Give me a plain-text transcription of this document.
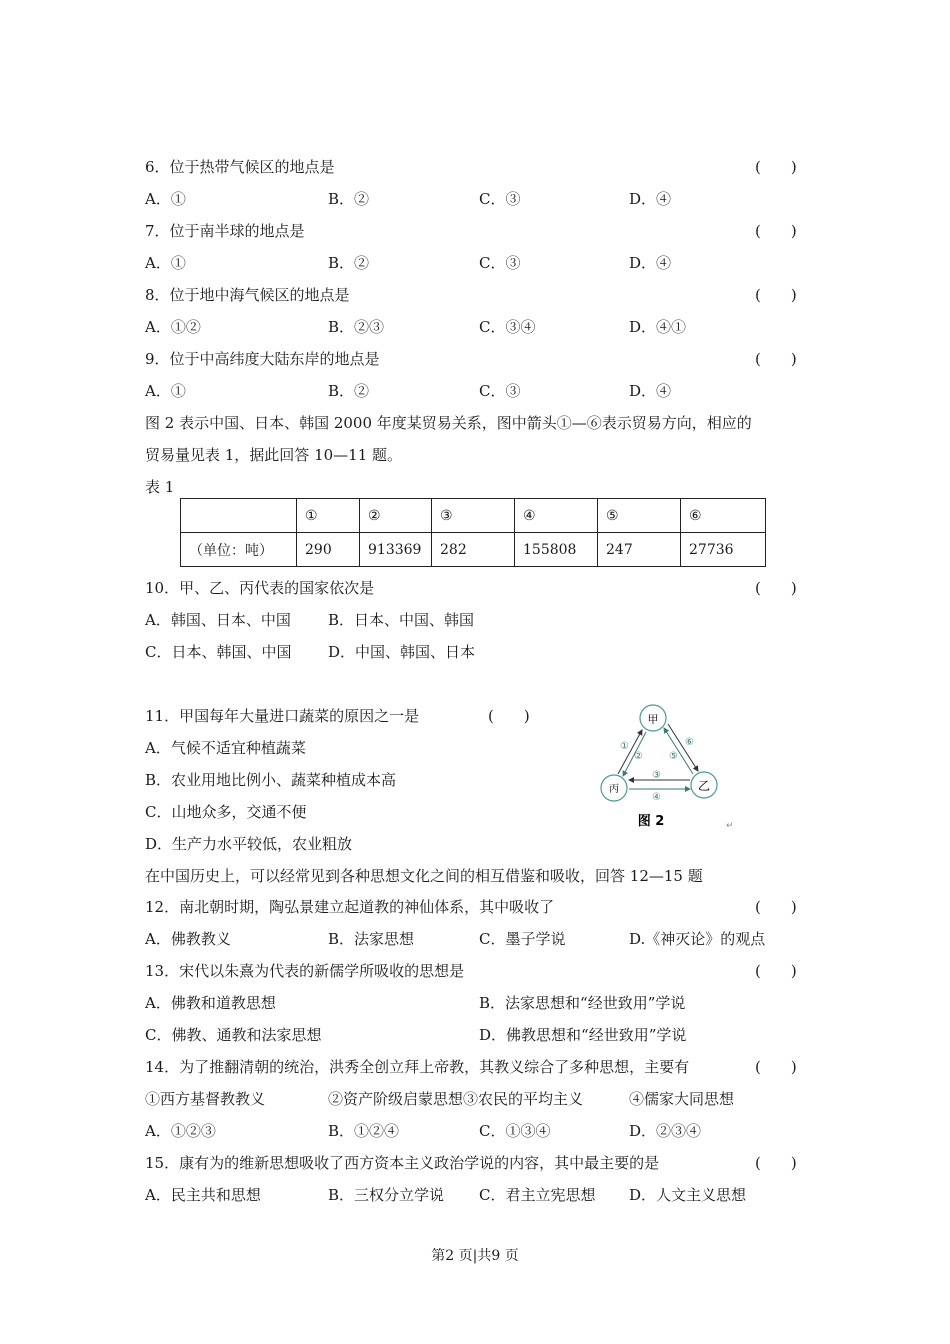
6．位于热带气候区的地点是	(　　)
A．①	B．②	C．③	D．④
7．位于南半球的地点是	(　　)
A．①	B．②	C．③	D．④
8．位于地中海气候区的地点是	(　　)
A．①②	B．②③	C．③④	D．④①
9．位于中高纬度大陆东岸的地点是	(　　)
A．①	B．②	C．③	D．④
图 2 表示中国、日本、韩国 2000 年度某贸易关系，图中箭头①—⑥表示贸易方向，相应的
贸易量见表 1，据此回答 10—11 题。
表 1
	①	②	③	④	⑤	⑥
（单位：吨）	290	913369	282	155808	247	27736
10．甲、乙、丙代表的国家依次是	(　　)
A．韩国、日本、中国 B．日本、中国、韩国
C．日本、韩国、中国 D．中国、韩国、日本
11．甲国每年大量进口蔬菜的原因之一是	(　　)
A．气候不适宜种植蔬菜
B．农业用地比例小、蔬菜种植成本高
C．山地众多，交通不便
D．生产力水平较低，农业粗放
甲
乙
丙
①
②
③
④
⑤
⑥
图 2	↵
在中国历史上，可以经常见到各种思想文化之间的相互借鉴和吸收，回答 12—15 题
12．南北朝时期，陶弘景建立起道教的神仙体系，其中吸收了	(　　)
A．佛教教义	B．法家思想	C．墨子学说	D.《神灭论》的观点
13．宋代以朱熹为代表的新儒学所吸收的思想是	(　　)
A．佛教和道教思想	B．法家思想和“经世致用”学说
C．佛教、通教和法家思想	D．佛教思想和“经世致用”学说
14．为了推翻清朝的统治，洪秀全创立拜上帝教，其教义综合了多种思想，主要有	(　　)
①西方基督教教义	②资产阶级启蒙思想③农民的平均主义	④儒家大同思想
A．①②③	B．①②④	C．①③④	D．②③④
15．康有为的维新思想吸收了西方资本主义政治学说的内容，其中最主要的是	(　　)
A．民主共和思想	B．三权分立学说 C．君主立宪思想 D．人文主义思想
第2 页|共9 页
